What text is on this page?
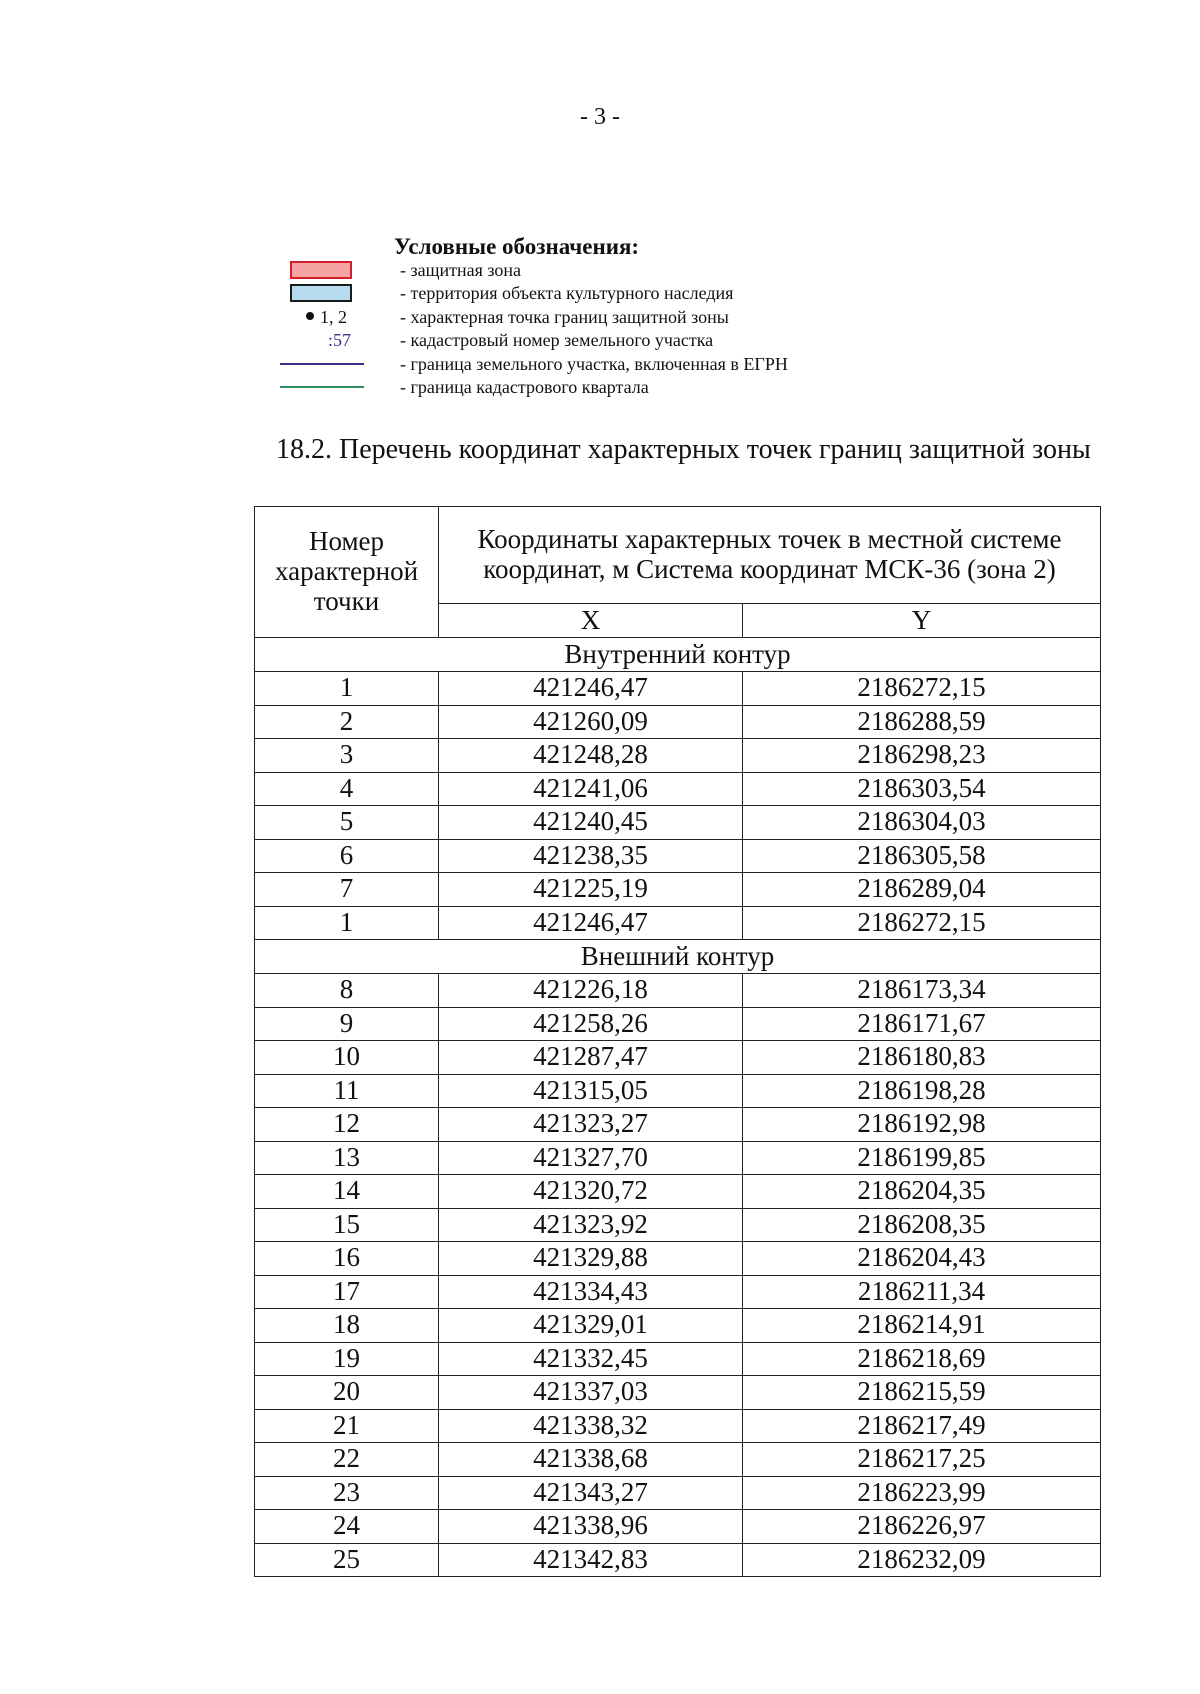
- 3 -
Условные обозначения:
- защитная зона
- территория объекта культурного наследия
1, 2	- характерная точка границ защитной зоны
:57	- кадастровый номер земельного участка
- граница земельного участка, включенная в ЕГРН
- граница кадастрового квартала
18.2. Перечень координат характерных точек границ защитной зоны
Номер характерной точки	Координаты характерных точек в местной системе координат, м Система координат МСК-36 (зона 2)	

	X	Y
Внутренний контур		
1	421246,47	2186272,15
2	421260,09	2186288,59
3	421248,28	2186298,23
4	421241,06	2186303,54
5	421240,45	2186304,03
6	421238,35	2186305,58
7	421225,19	2186289,04
1	421246,47	2186272,15
Внешний контур		
8	421226,18	2186173,34
9	421258,26	2186171,67
10	421287,47	2186180,83
11	421315,05	2186198,28
12	421323,27	2186192,98
13	421327,70	2186199,85
14	421320,72	2186204,35
15	421323,92	2186208,35
16	421329,88	2186204,43
17	421334,43	2186211,34
18	421329,01	2186214,91
19	421332,45	2186218,69
20	421337,03	2186215,59
21	421338,32	2186217,49
22	421338,68	2186217,25
23	421343,27	2186223,99
24	421338,96	2186226,97
25	421342,83	2186232,09
